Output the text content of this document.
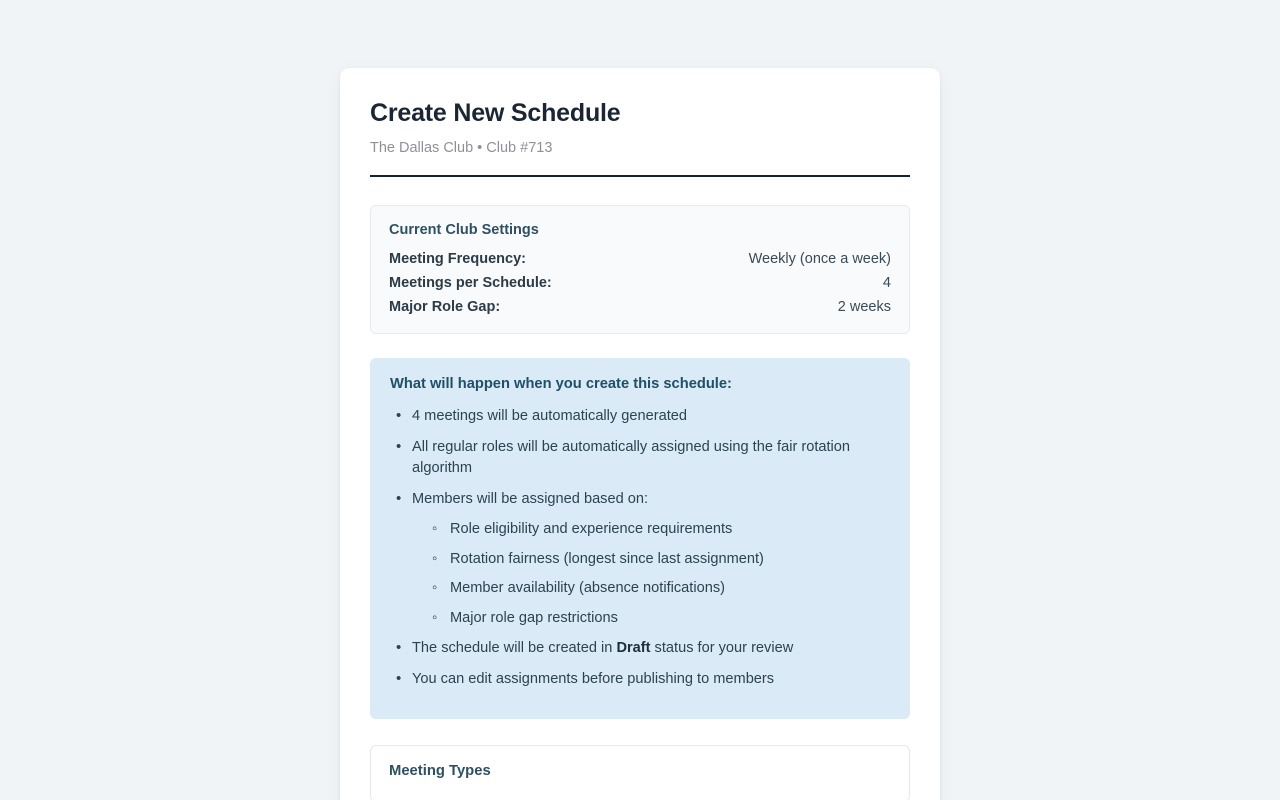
Create New Schedule
The Dallas Club • Club #713
Current Club Settings
Meeting Frequency:	Weekly (once a week)
Meetings per Schedule:	4
Major Role Gap:	2 weeks
What will happen when you create this schedule:
• 4 meetings will be automatically generated
• All regular roles will be automatically assigned using the fair rotation algorithm
• Members will be assigned based on:
◦ Role eligibility and experience requirements
◦ Rotation fairness (longest since last assignment)
◦ Member availability (absence notifications)
◦ Major role gap restrictions
• The schedule will be created in Draft status for your review
• You can edit assignments before publishing to members
Meeting Types
